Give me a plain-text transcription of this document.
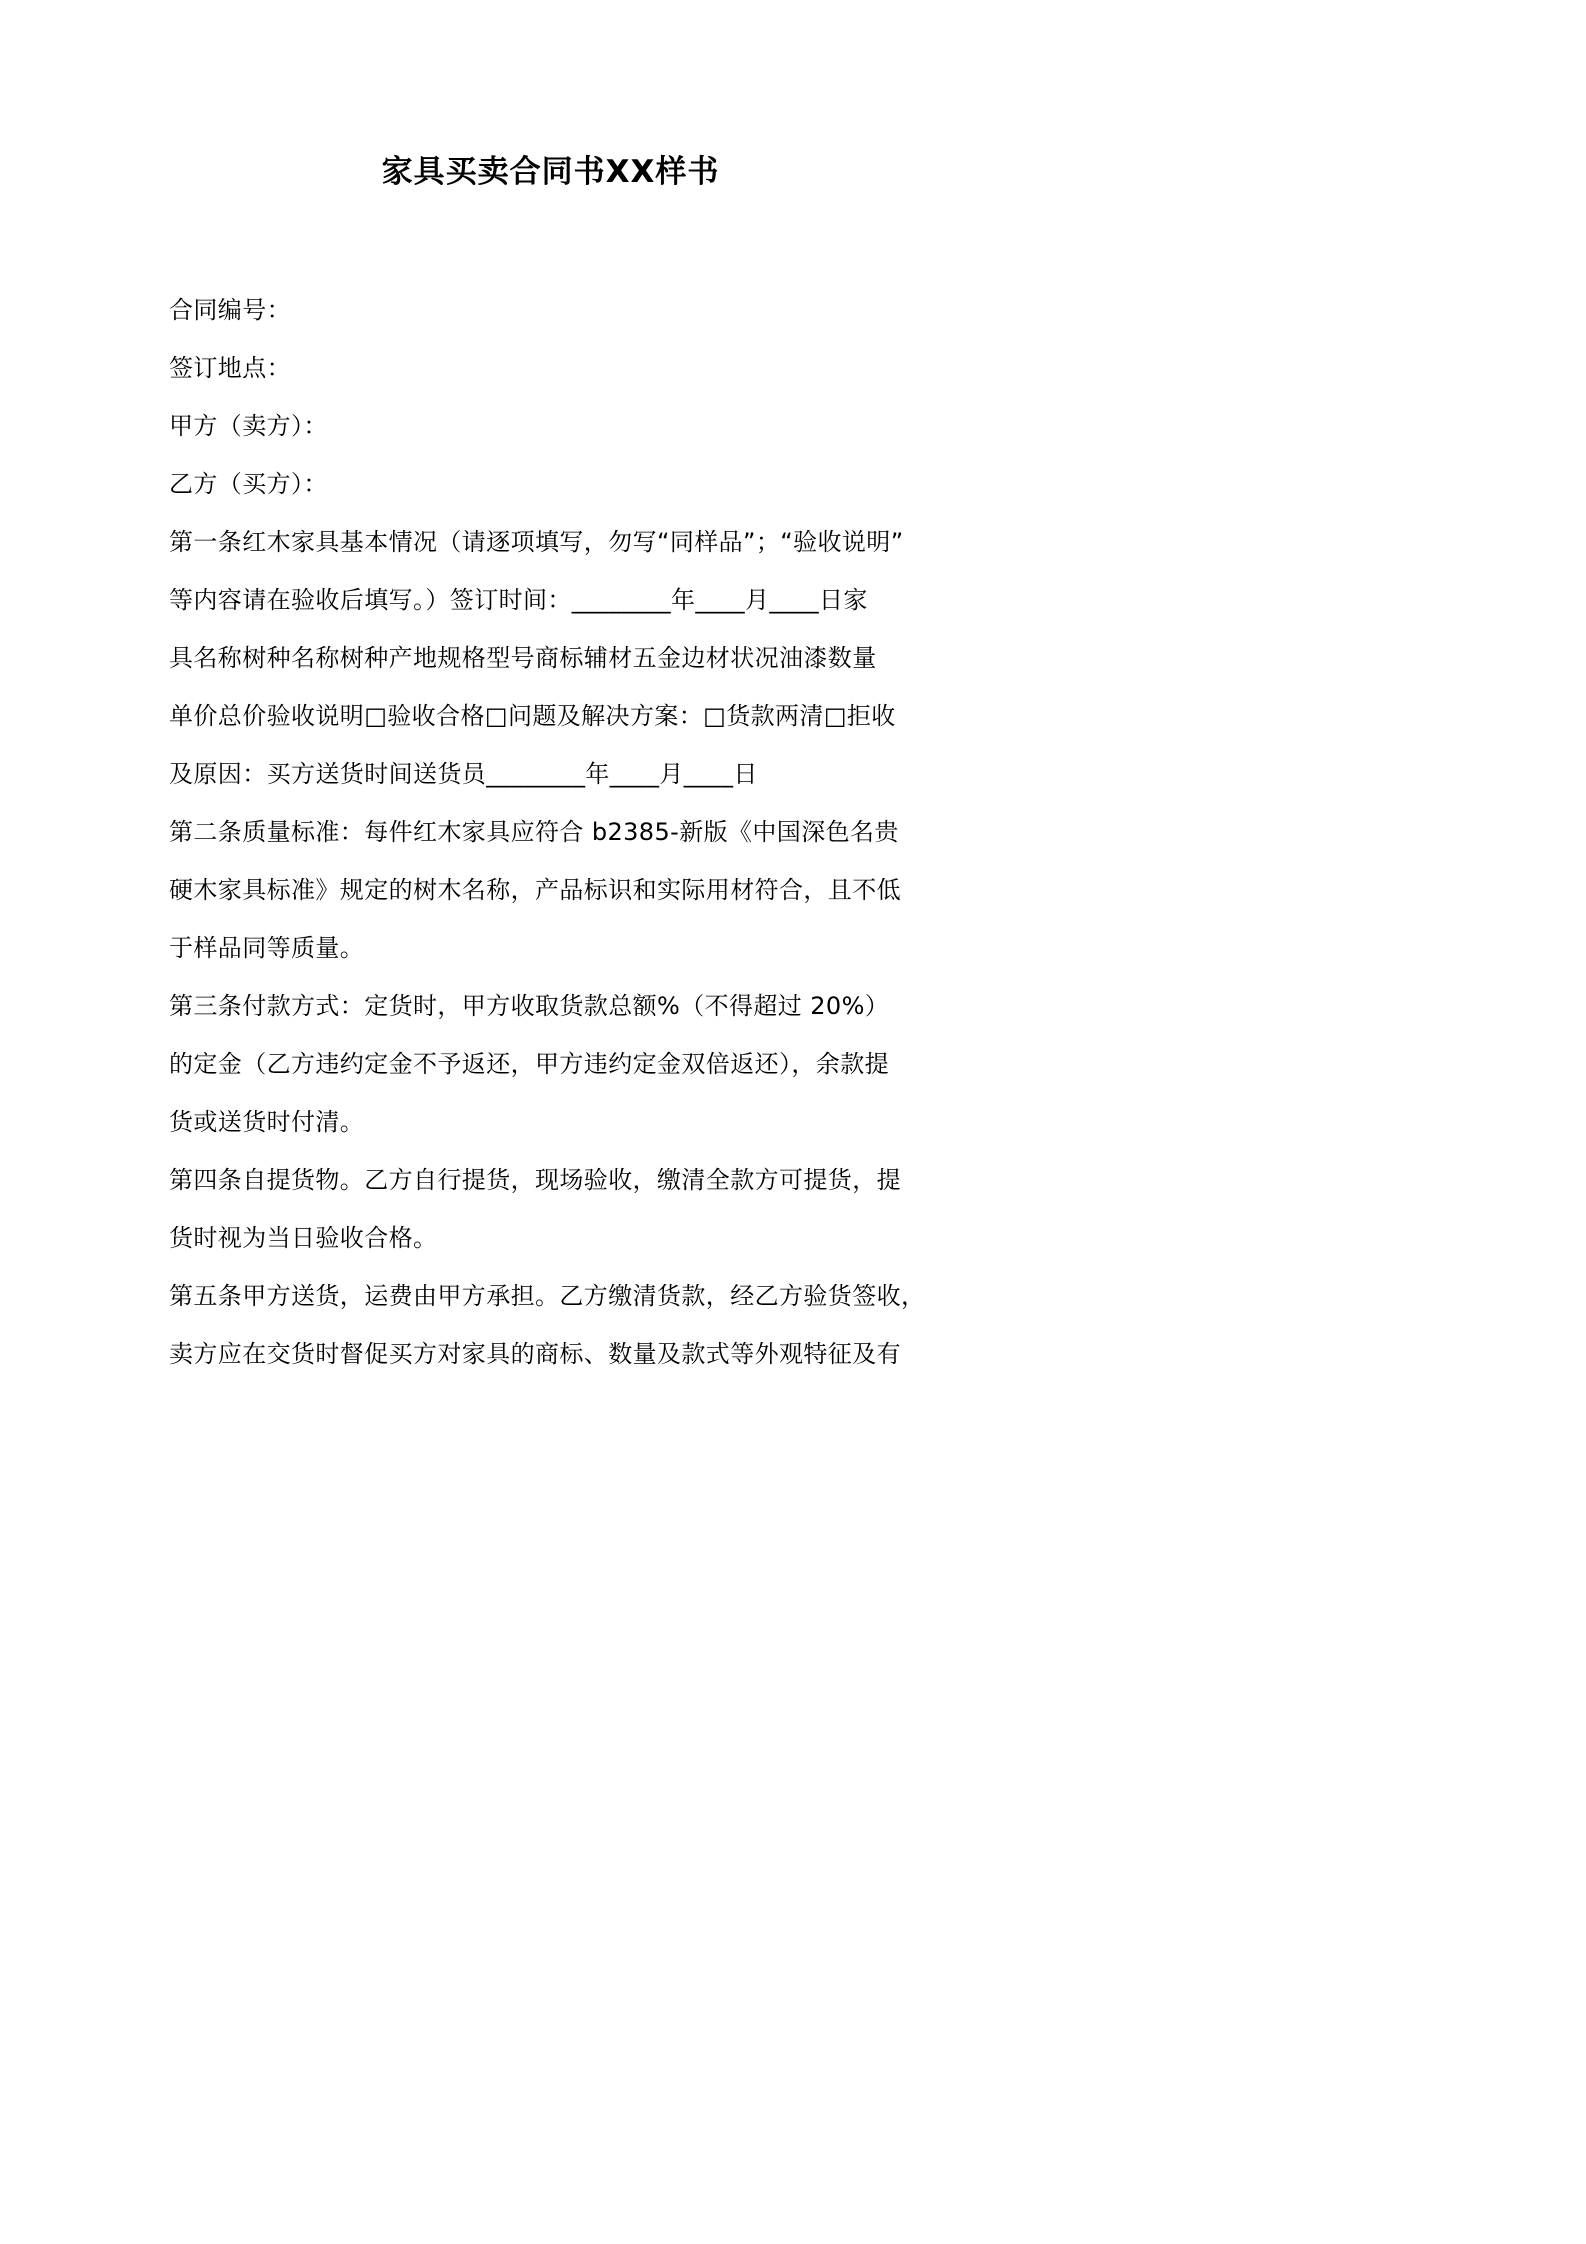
家具买卖合同书XX样书
合同编号：
签订地点：
甲方（卖方）：
乙方（买方）：
第一条红木家具基本情况（请逐项填写，勿写“同样品”；“验收说明”
等内容请在验收后填写。）签订时间：________年____月____日家
具名称树种名称树种产地规格型号商标辅材五金边材状况油漆数量
单价总价验收说明□验收合格□问题及解决方案：□货款两清□拒收
及原因：买方送货时间送货员________年____月____日
第二条质量标准：每件红木家具应符合 b2385-新版《中国深色名贵
硬木家具标准》规定的树木名称，产品标识和实际用材符合，且不低
于样品同等质量。
第三条付款方式：定货时，甲方收取货款总额%（不得超过 20%）
的定金（乙方违约定金不予返还，甲方违约定金双倍返还），余款提
货或送货时付清。
第四条自提货物。乙方自行提货，现场验收，缴清全款方可提货，提
货时视为当日验收合格。
第五条甲方送货，运费由甲方承担。乙方缴清货款，经乙方验货签收，
卖方应在交货时督促买方对家具的商标、数量及款式等外观特征及有
